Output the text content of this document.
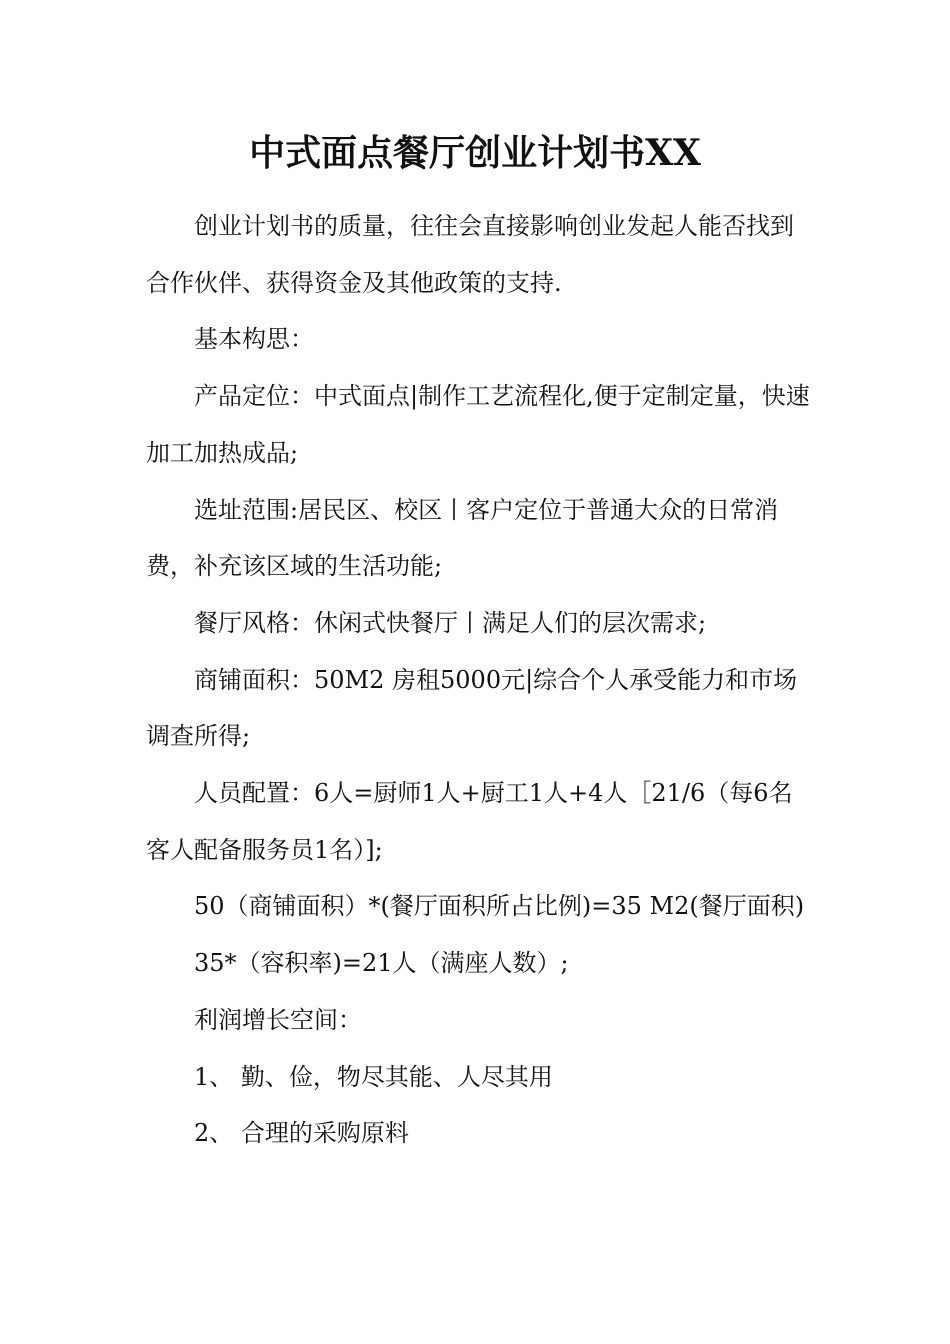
中式面点餐厅创业计划书XX

创业计划书的质量，往往会直接影响创业发起人能否找到合作伙伴、获得资金及其他政策的支持.

基本构思：

产品定位：中式面点|制作工艺流程化,便于定制定量，快速加工加热成品;

选址范围:居民区、校区丨客户定位于普通大众的日常消费，补充该区域的生活功能;

餐厅风格：休闲式快餐厅丨满足人们的层次需求;

商铺面积：50M2 房租5000元|综合个人承受能力和市场调查所得;

人员配置：6人=厨师1人+厨工1人+4人［21/6（每6名客人配备服务员1名）];

50（商铺面积）*(餐厅面积所占比例)=35 M2(餐厅面积)

35*（容积率)=21人（满座人数）;

利润增长空间：

1、 勤、俭，物尽其能、人尽其用

2、 合理的采购原料
